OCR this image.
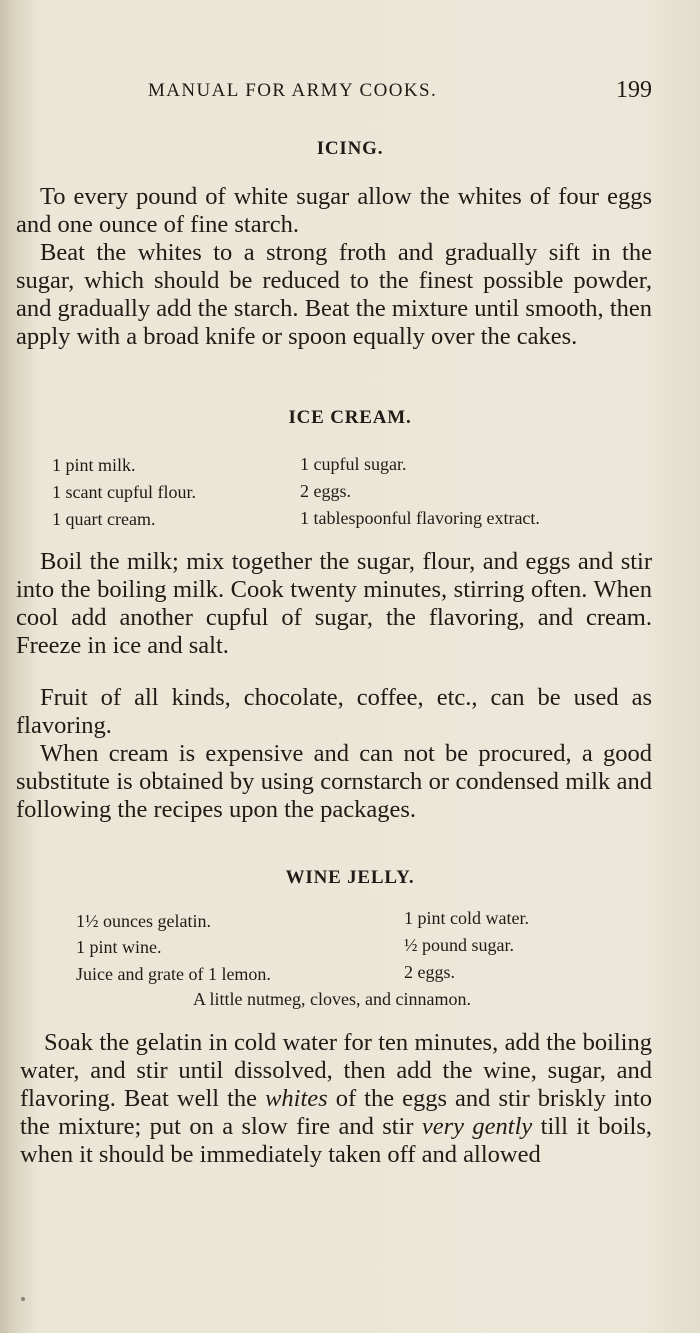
MANUAL FOR ARMY COOKS.	199
ICING.
To every pound of white sugar allow the whites of four eggs and one ounce of fine starch.
Beat the whites to a strong froth and gradually sift in the sugar, which should be reduced to the finest possible powder, and gradually add the starch. Beat the mixture until smooth, then apply with a broad knife or spoon equally over the cakes.
ICE CREAM.
1 pint milk.
1 scant cupful flour.
1 quart cream.
1 cupful sugar.
2 eggs.
1 tablespoonful flavoring extract.
Boil the milk; mix together the sugar, flour, and eggs and stir into the boiling milk. Cook twenty minutes, stirring often. When cool add another cupful of sugar, the flavoring, and cream. Freeze in ice and salt.
Fruit of all kinds, chocolate, coffee, etc., can be used as flavoring.
When cream is expensive and can not be procured, a good substitute is obtained by using cornstarch or condensed milk and following the recipes upon the packages.
WINE JELLY.
1½ ounces gelatin.
1 pint wine.
Juice and grate of 1 lemon.
1 pint cold water.
½ pound sugar.
2 eggs.
A little nutmeg, cloves, and cinnamon.
Soak the gelatin in cold water for ten minutes, add the boiling water, and stir until dissolved, then add the wine, sugar, and flavoring. Beat well the whites of the eggs and stir briskly into the mixture; put on a slow fire and stir very gently till it boils, when it should be immediately taken off and allowed
